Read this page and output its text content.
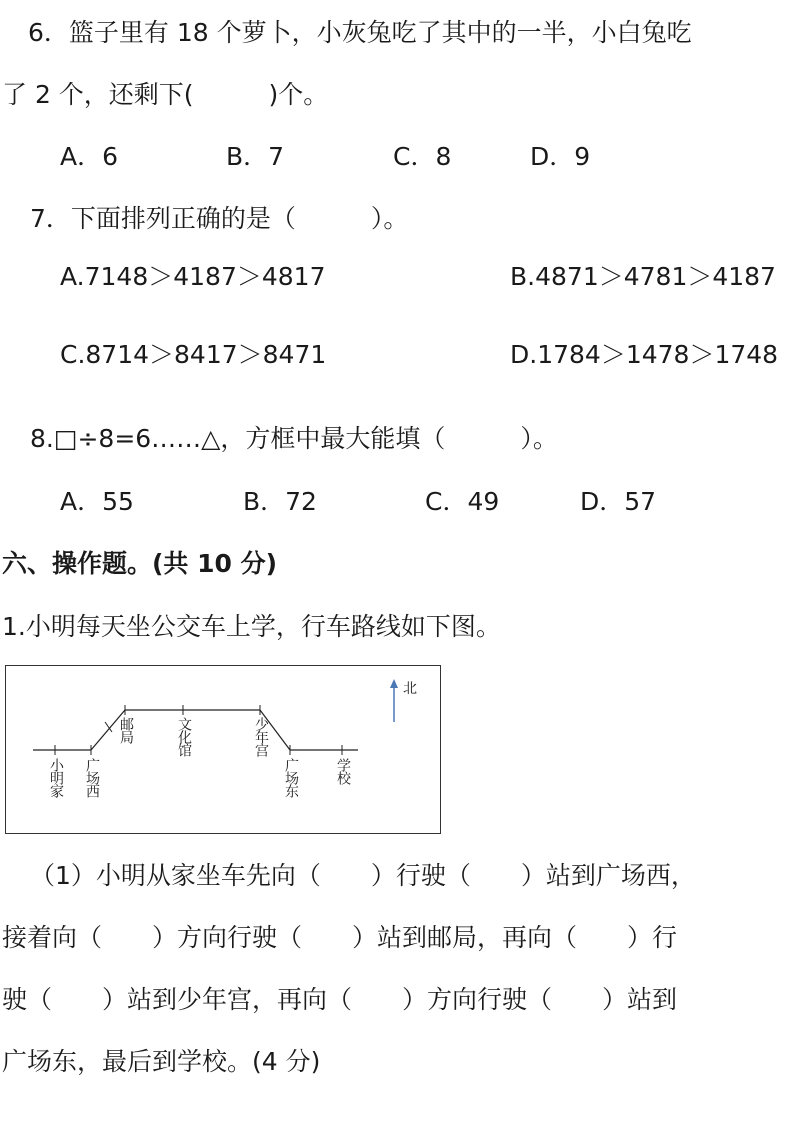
6．篮子里有 18 个萝卜，小灰兔吃了其中的一半，小白兔吃
了 2 个，还剩下(　　　)个。
A．6	B．7	C．8	D．9
7．下面排列正确的是（　　　）。
A.7148＞4187＞4817	B.4871＞4781＞4187
C.8714＞8417＞8471	D.1784＞1478＞1748
8.□÷8=6……△，方框中最大能填（　　　）。
A．55	B．72	C．49	D．57
六、操作题。(共 10 分)
1.小明每天坐公交车上学，行车路线如下图。
北
小明家 广场西
邮局	文化馆	少年宫
广场东	学校
（1）小明从家坐车先向（　　）行驶（　　）站到广场西，
接着向（　　）方向行驶（　　）站到邮局，再向（　　）行
驶（　　）站到少年宫，再向（　　）方向行驶（　　）站到
广场东，最后到学校。(4 分)
